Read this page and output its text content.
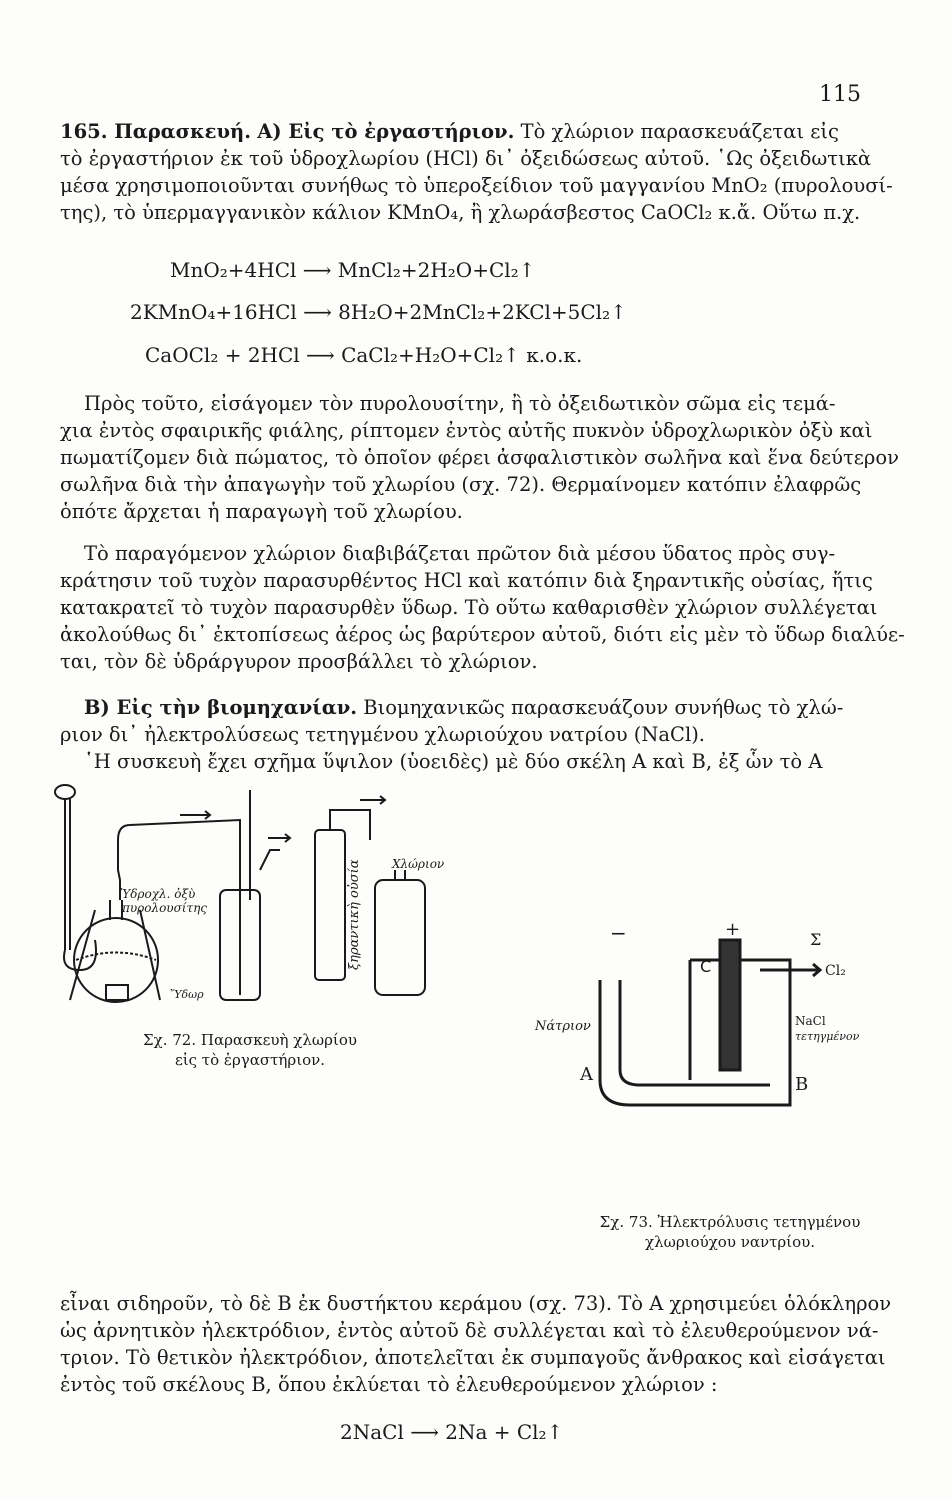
115
165. Παρασκευή. Α) Εἰς τὸ ἐργαστήριον. Τὸ χλώριον παρασκευάζεται εἰς
τὸ ἐργαστήριον ἐκ τοῦ ὑδροχλωρίου (HCl) δι᾽ ὀξειδώσεως αὐτοῦ. ῾Ως ὀξειδωτικὰ
μέσα χρησιμοποιοῦνται συνήθως τὸ ὑπεροξείδιον τοῦ μαγγανίου MnO₂ (πυρολουσί-
της), τὸ ὑπερμαγγανικὸν κάλιον KMnO₄, ἢ χλωράσβεστος CaOCl₂ κ.ἄ. Οὕτω π.χ.
MnO₂+4HCl ⟶ MnCl₂+2H₂O+Cl₂↑
2KMnO₄+16HCl ⟶ 8H₂O+2MnCl₂+2KCl+5Cl₂↑
CaOCl₂ + 2HCl ⟶ CaCl₂+H₂O+Cl₂↑ κ.ο.κ.
Πρὸς τοῦτο, εἰσάγομεν τὸν πυρολουσίτην, ἢ τὸ ὀξειδωτικὸν σῶμα εἰς τεμά-
χια ἐντὸς σφαιρικῆς φιάλης, ρίπτομεν ἐντὸς αὐτῆς πυκνὸν ὑδροχλωρικὸν ὀξὺ καὶ
πωματίζομεν διὰ πώματος, τὸ ὁποῖον φέρει ἀσφαλιστικὸν σωλῆνα καὶ ἕνα δεύτερον
σωλῆνα διὰ τὴν ἀπαγωγὴν τοῦ χλωρίου (σχ. 72). Θερμαίνομεν κατόπιν ἐλαφρῶς
ὁπότε ἄρχεται ἡ παραγωγὴ τοῦ χλωρίου.
Τὸ παραγόμενον χλώριον διαβιβάζεται πρῶτον διὰ μέσου ὕδατος πρὸς συγ-
κράτησιν τοῦ τυχὸν παρασυρθέντος HCl καὶ κατόπιν διὰ ξηραντικῆς οὐσίας, ἥτις
κατακρατεῖ τὸ τυχὸν παρασυρθὲν ὕδωρ. Τὸ οὕτω καθαρισθὲν χλώριον συλλέγεται
ἀκολούθως δι᾽ ἐκτοπίσεως ἀέρος ὡς βαρύτερον αὐτοῦ, διότι εἰς μὲν τὸ ὕδωρ διαλύε-
ται, τὸν δὲ ὑδράργυρον προσβάλλει τὸ χλώριον.
Β) Εἰς τὴν βιομηχανίαν. Βιομηχανικῶς παρασκευάζουν συνήθως τὸ χλώ-
ριον δι᾽ ἠλεκτρολύσεως τετηγμένου χλωριούχου νατρίου (NaCl).
῾Η συσκευὴ ἔχει σχῆμα ὕψιλον (ὑοειδὲς) μὲ δύο σκέλη Α καὶ Β, ἐξ ὧν τὸ Α
Ὑδροχλ. ὀξὺ
πυρολουσίτης
Ὕδωρ
ξηραντικὴ οὐσία	Χλώριον
Σχ. 72. Παρασκευὴ χλωρίου
εἰς τὸ ἐργαστήριον.
+
−
C
Σ
Cl₂
Νάτριον
Α	Β
NaCl
τετηγμένον
Σχ. 73. Ἠλεκτρόλυσις τετηγμένου
χλωριούχου ναντρίου.
εἶναι σιδηροῦν, τὸ δὲ Β ἐκ δυστήκτου κεράμου (σχ. 73). Τὸ Α χρησιμεύει ὁλόκληρον
ὡς ἀρνητικὸν ἠλεκτρόδιον, ἐντὸς αὐτοῦ δὲ συλλέγεται καὶ τὸ ἐλευθερούμενον νά-
τριον. Τὸ θετικὸν ἠλεκτρόδιον, ἀποτελεῖται ἐκ συμπαγοῦς ἄνθρακος καὶ εἰσάγεται
ἐντὸς τοῦ σκέλους Β, ὅπου ἐκλύεται τὸ ἐλευθερούμενον χλώριον :
2NaCl ⟶ 2Na + Cl₂↑
